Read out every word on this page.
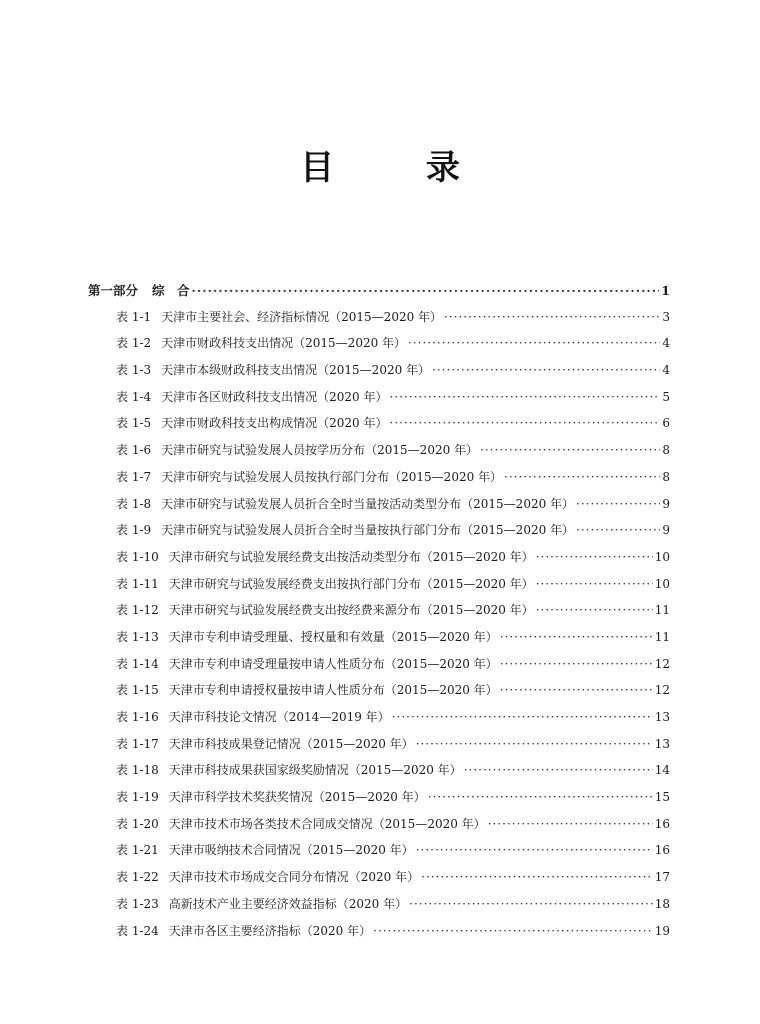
目 录
第一部分 综　合 ·····	1
表 1-1 天津市主要社会、经济指标情况（2015—2020 年） ·····	3
表 1-2 天津市财政科技支出情况（2015—2020 年） ·····	4
表 1-3 天津市本级财政科技支出情况（2015—2020 年） ·····	4
表 1-4 天津市各区财政科技支出情况（2020 年） ·····	5
表 1-5 天津市财政科技支出构成情况（2020 年） ·····	6
表 1-6 天津市研究与试验发展人员按学历分布（2015—2020 年） ·····	8
表 1-7 天津市研究与试验发展人员按执行部门分布（2015—2020 年） ·····	8
表 1-8 天津市研究与试验发展人员折合全时当量按活动类型分布（2015—2020 年） ·····	9
表 1-9 天津市研究与试验发展人员折合全时当量按执行部门分布（2015—2020 年） ·····	9
表 1-10 天津市研究与试验发展经费支出按活动类型分布（2015—2020 年） ·····	10
表 1-11 天津市研究与试验发展经费支出按执行部门分布（2015—2020 年） ·····	10
表 1-12 天津市研究与试验发展经费支出按经费来源分布（2015—2020 年） ·····	11
表 1-13 天津市专利申请受理量、授权量和有效量（2015—2020 年） ·····	11
表 1-14 天津市专利申请受理量按申请人性质分布（2015—2020 年） ·····	12
表 1-15 天津市专利申请授权量按申请人性质分布（2015—2020 年） ·····	12
表 1-16 天津市科技论文情况（2014—2019 年） ·····	13
表 1-17 天津市科技成果登记情况（2015—2020 年） ·····	13
表 1-18 天津市科技成果获国家级奖励情况（2015—2020 年） ·····	14
表 1-19 天津市科学技术奖获奖情况（2015—2020 年） ·····	15
表 1-20 天津市技术市场各类技术合同成交情况（2015—2020 年） ·····	16
表 1-21 天津市吸纳技术合同情况（2015—2020 年） ·····	16
表 1-22 天津市技术市场成交合同分布情况（2020 年） ·····	17
表 1-23 高新技术产业主要经济效益指标（2020 年） ·····	18
表 1-24 天津市各区主要经济指标（2020 年） ·····	19
